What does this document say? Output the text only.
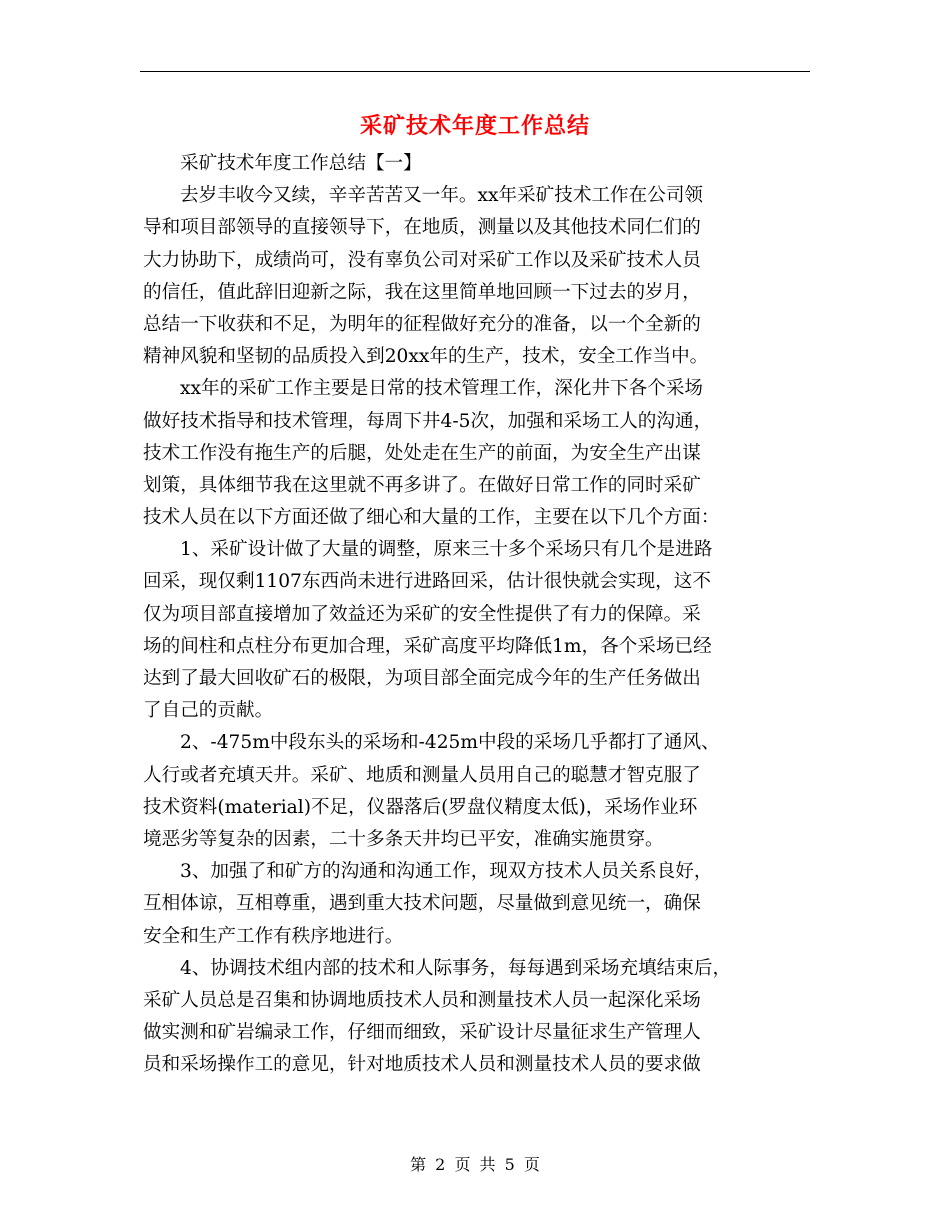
采矿技术年度工作总结
采矿技术年度工作总结【一】
去岁丰收今又续，辛辛苦苦又一年。xx年采矿技术工作在公司领
导和项目部领导的直接领导下，在地质，测量以及其他技术同仁们的
大力协助下，成绩尚可，没有辜负公司对采矿工作以及采矿技术人员
的信任，值此辞旧迎新之际，我在这里简单地回顾一下过去的岁月，
总结一下收获和不足，为明年的征程做好充分的准备，以一个全新的
精神风貌和坚韧的品质投入到20xx年的生产，技术，安全工作当中。
xx年的采矿工作主要是日常的技术管理工作，深化井下各个采场
做好技术指导和技术管理，每周下井4-5次，加强和采场工人的沟通，
技术工作没有拖生产的后腿，处处走在生产的前面，为安全生产出谋
划策，具体细节我在这里就不再多讲了。在做好日常工作的同时采矿
技术人员在以下方面还做了细心和大量的工作，主要在以下几个方面：
1、采矿设计做了大量的调整，原来三十多个采场只有几个是进路
回采，现仅剩1107东西尚未进行进路回采，估计很快就会实现，这不
仅为项目部直接增加了效益还为采矿的安全性提供了有力的保障。采
场的间柱和点柱分布更加合理，采矿高度平均降低1m，各个采场已经
达到了最大回收矿石的极限，为项目部全面完成今年的生产任务做出
了自己的贡献。
2、-475m中段东头的采场和-425m中段的采场几乎都打了通风、
人行或者充填天井。采矿、地质和测量人员用自己的聪慧才智克服了
技术资料(material)不足，仪器落后(罗盘仪精度太低)，采场作业环
境恶劣等复杂的因素，二十多条天井均已平安，准确实施贯穿。
3、加强了和矿方的沟通和沟通工作，现双方技术人员关系良好，
互相体谅，互相尊重，遇到重大技术问题，尽量做到意见统一，确保
安全和生产工作有秩序地进行。
4、协调技术组内部的技术和人际事务，每每遇到采场充填结束后，
采矿人员总是召集和协调地质技术人员和测量技术人员一起深化采场
做实测和矿岩编录工作，仔细而细致，采矿设计尽量征求生产管理人
员和采场操作工的意见，针对地质技术人员和测量技术人员的要求做
第 2 页 共 5 页
